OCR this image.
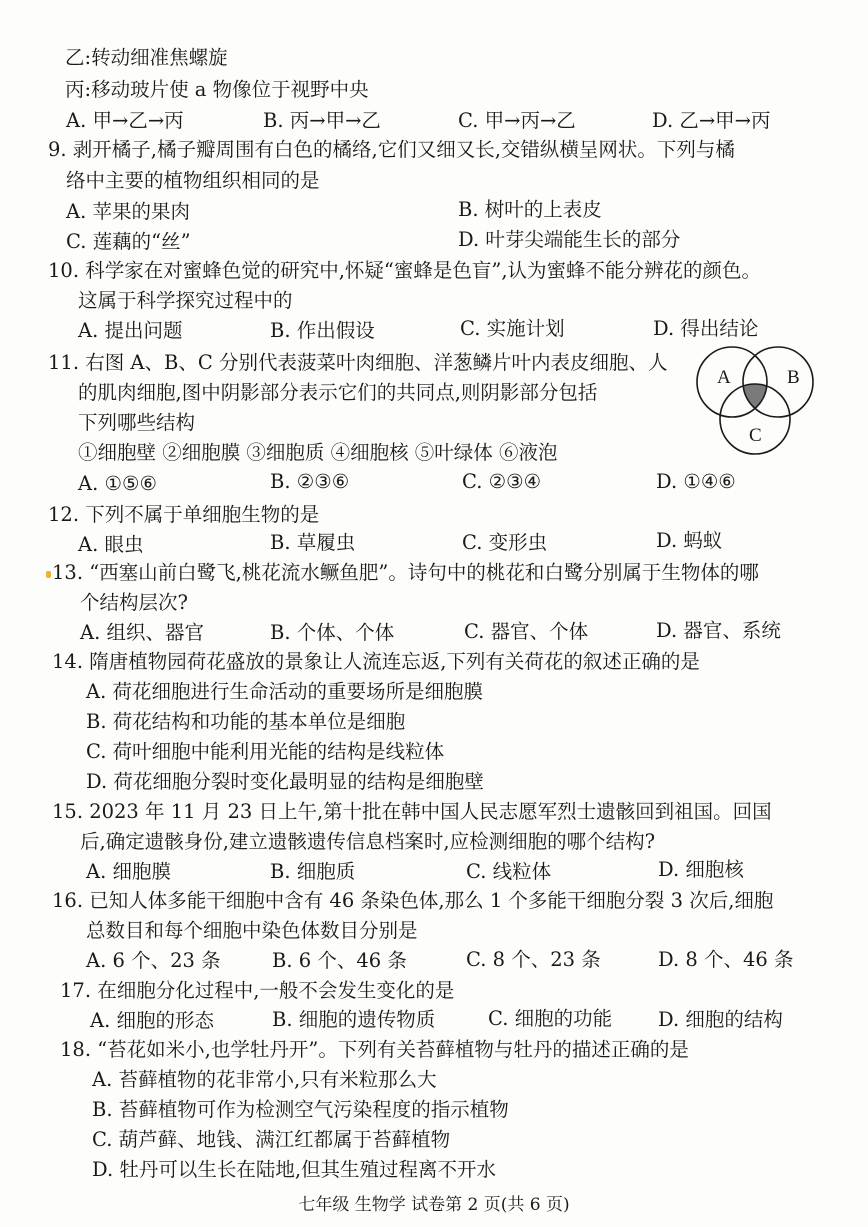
乙:转动细准焦螺旋
丙:移动玻片使 a 物像位于视野中央
A. 甲→乙→丙	B. 丙→甲→乙	C. 甲→丙→乙	D. 乙→甲→丙
9. 剥开橘子,橘子瓣周围有白色的橘络,它们又细又长,交错纵横呈网状。下列与橘
络中主要的植物组织相同的是
A. 苹果的果肉	B. 树叶的上表皮
C. 莲藕的“丝”	D. 叶芽尖端能生长的部分
10. 科学家在对蜜蜂色觉的研究中,怀疑“蜜蜂是色盲”,认为蜜蜂不能分辨花的颜色。
这属于科学探究过程中的
A. 提出问题	B. 作出假设	C. 实施计划	D. 得出结论
11. 右图 A、B、C 分别代表菠菜叶肉细胞、洋葱鳞片叶内表皮细胞、人
的肌肉细胞,图中阴影部分表示它们的共同点,则阴影部分包括
下列哪些结构
①细胞壁 ②细胞膜 ③细胞质 ④细胞核 ⑤叶绿体 ⑥液泡
A. ①⑤⑥	B. ②③⑥	C. ②③④	D. ①④⑥
A	B
C
12. 下列不属于单细胞生物的是
A. 眼虫	B. 草履虫	C. 变形虫	D. 蚂蚁
13. “西塞山前白鹭飞,桃花流水鳜鱼肥”。诗句中的桃花和白鹭分别属于生物体的哪
个结构层次?
A. 组织、器官	B. 个体、个体	C. 器官、个体	D. 器官、系统
14. 隋唐植物园荷花盛放的景象让人流连忘返,下列有关荷花的叙述正确的是
A. 荷花细胞进行生命活动的重要场所是细胞膜
B. 荷花结构和功能的基本单位是细胞
C. 荷叶细胞中能利用光能的结构是线粒体
D. 荷花细胞分裂时变化最明显的结构是细胞壁
15. 2023 年 11 月 23 日上午,第十批在韩中国人民志愿军烈士遗骸回到祖国。回国
后,确定遗骸身份,建立遗骸遗传信息档案时,应检测细胞的哪个结构?
A. 细胞膜	B. 细胞质	C. 线粒体	D. 细胞核
16. 已知人体多能干细胞中含有 46 条染色体,那么 1 个多能干细胞分裂 3 次后,细胞
总数目和每个细胞中染色体数目分别是
A. 6 个、23 条	B. 6 个、46 条	C. 8 个、23 条	D. 8 个、46 条
17. 在细胞分化过程中,一般不会发生变化的是
A. 细胞的形态	B. 细胞的遗传物质	C. 细胞的功能 D. 细胞的结构
18. “苔花如米小,也学牡丹开”。下列有关苔藓植物与牡丹的描述正确的是
A. 苔藓植物的花非常小,只有米粒那么大
B. 苔藓植物可作为检测空气污染程度的指示植物
C. 葫芦藓、地钱、满江红都属于苔藓植物
D. 牡丹可以生长在陆地,但其生殖过程离不开水
七年级 生物学 试卷第 2 页(共 6 页)
